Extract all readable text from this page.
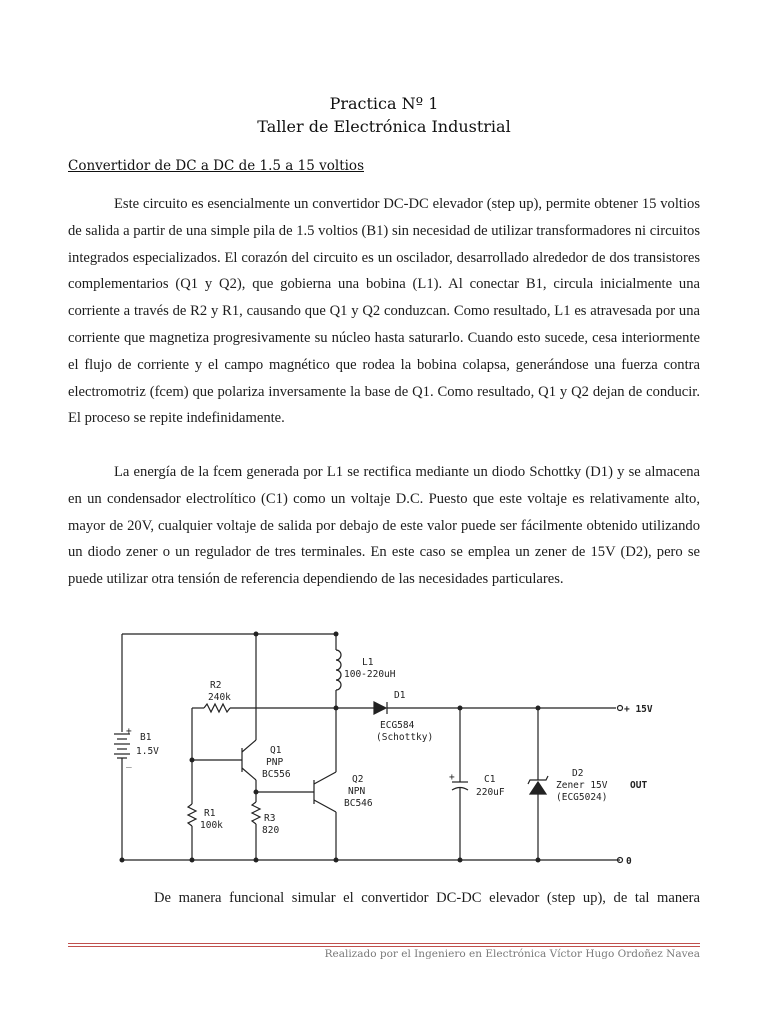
Practica Nº 1
Taller de Electrónica Industrial
Convertidor de DC a DC de 1.5 a 15 voltios

Este circuito es esencialmente un convertidor DC-DC elevador (step up), permite obtener 15 voltios de salida a partir de una simple pila de 1.5 voltios (B1) sin necesidad de utilizar transformadores ni circuitos integrados especializados. El corazón del circuito es un oscilador, desarrollado alrededor de dos transistores complementarios (Q1 y Q2), que gobierna una bobina (L1). Al conectar B1, circula inicialmente una corriente a través de R2 y R1, causando que Q1 y Q2 conduzcan. Como resultado, L1 es atravesada por una corriente que magnetiza progresivamente su núcleo hasta saturarlo. Cuando esto sucede, cesa interiormente el flujo de corriente y el campo magnético que rodea la bobina colapsa, generándose una fuerza contra electromotriz (fcem) que polariza inversamente la base de Q1. Como resultado, Q1 y Q2 dejan de conducir. El proceso se repite indefinidamente.

La energía de la fcem generada por L1 se rectifica mediante un diodo Schottky (D1) y se almacena en un condensador electrolítico (C1) como un voltaje D.C. Puesto que este voltaje es relativamente alto, mayor de 20V, cualquier voltaje de salida por debajo de este valor puede ser fácilmente obtenido utilizando un diodo zener o un regulador de tres terminales. En este caso se emplea un zener de 15V (D2), pero se puede utilizar otra tensión de referencia dependiendo de las necesidades particulares.

B1
1.5V
+
_
R2
240k
R1
100k
R3
820
Q1
PNP
BC556	Q2
NPN
BC546
L1
100-220uH
D1
ECG584
(Schottky)
C1
220uF
+	D2
Zener 15V
(ECG5024)
+ 15V
OUT
0
De manera funcional simular el convertidor DC-DC elevador (step up), de tal manera
Realizado por el Ingeniero en Electrónica Víctor Hugo Ordoñez Navea
